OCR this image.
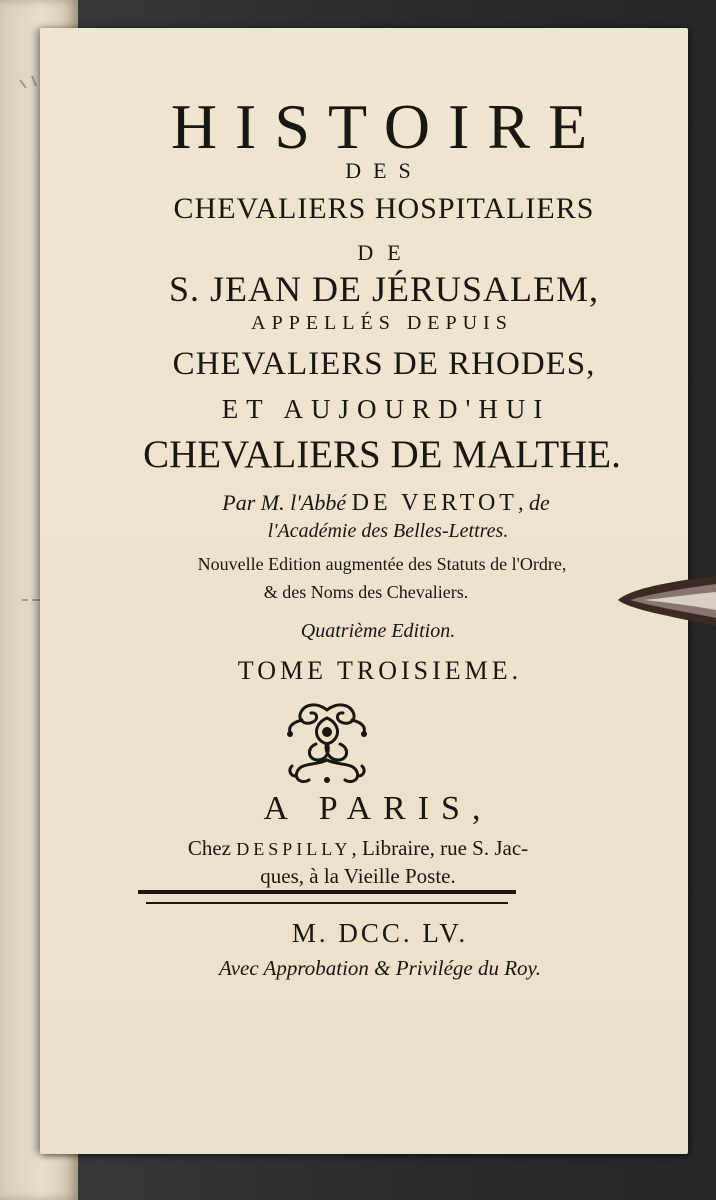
HISTOIRE
DES
CHEVALIERS HOSPITALIERS
DE
S. JEAN DE JÉRUSALEM,
APPELLÉS DEPUIS
CHEVALIERS DE RHODES,
ET AUJOURD'HUI
CHEVALIERS DE MALTHE.
Par M. l'Abbé DE VERTOT, de
l'Académie des Belles-Lettres.
Nouvelle Edition augmentée des Statuts de l'Ordre,
& des Noms des Chevaliers.
Quatrième Edition.
TOME TROISIEME.
A PARIS,
Chez DESPILLY, Libraire, rue S. Jac-
ques, à la Vieille Poste.
M. DCC. LV.
Avec Approbation & Privilége du Roy.
